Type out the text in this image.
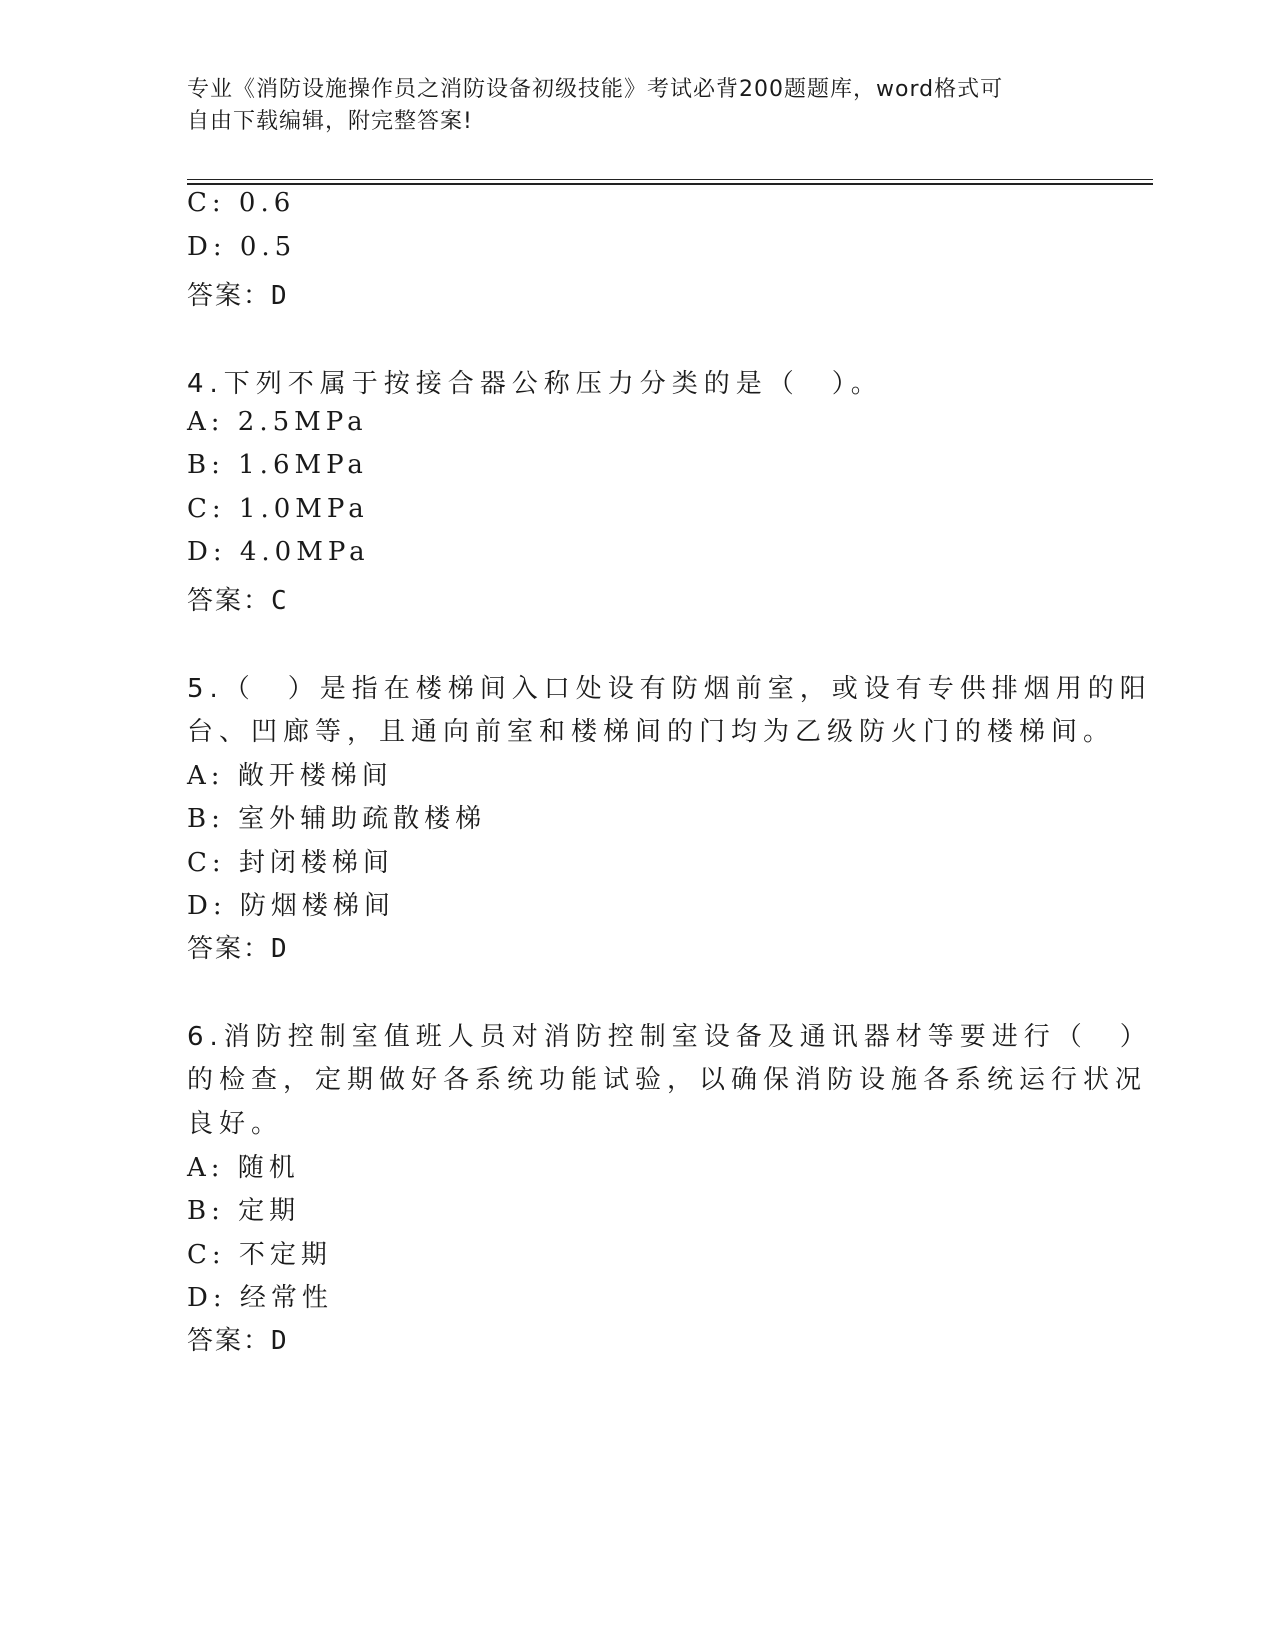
专业《消防设施操作员之消防设备初级技能》考试必背200题题库，word格式可
自由下载编辑，附完整答案!
C: 0.6
D: 0.5
答案：D
4.下列不属于按接合器公称压力分类的是（　）。
A: 2.5MPa
B: 1.6MPa
C: 1.0MPa
D: 4.0MPa
答案：C
5.（　）是指在楼梯间入口处设有防烟前室，或设有专供排烟用的阳
台、凹廊等，且通向前室和楼梯间的门均为乙级防火门的楼梯间。
A: 敞开楼梯间
B: 室外辅助疏散楼梯
C: 封闭楼梯间
D: 防烟楼梯间
答案：D
6.消防控制室值班人员对消防控制室设备及通讯器材等要进行（　）
的检查，定期做好各系统功能试验，以确保消防设施各系统运行状况
良好。
A: 随机
B: 定期
C: 不定期
D: 经常性
答案：D
